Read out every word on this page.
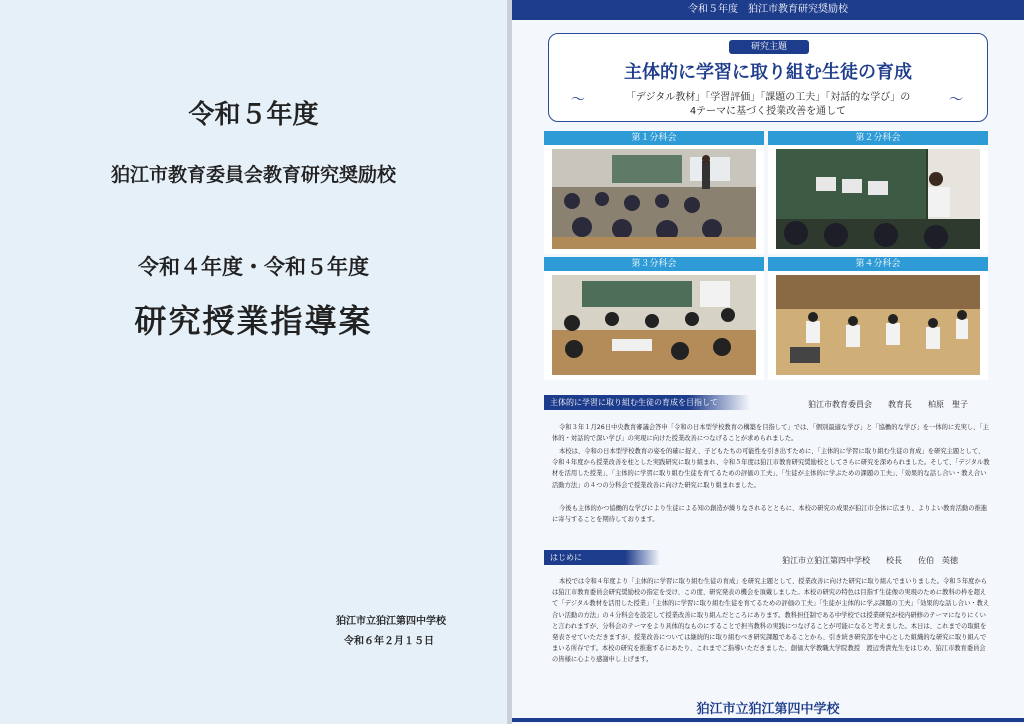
令和５年度
狛江市教育委員会教育研究奨励校
令和４年度・令和５年度
研究授業指導案
狛江市立狛江第四中学校
令和６年２月１５日
令和５年度　狛江市教育研究奨励校
研究主題
主体的に学習に取り組む生徒の育成
「デジタル教材」「学習評価」「課題の工夫」「対話的な学び」の
4テーマに基づく授業改善を通して
〜	〜
第１分科会	第２分科会
第３分科会	第４分科会
主体的に学習に取り組む生徒の育成を目指して	狛江市教育委員会　　教育長　　柏原　聖子
令和３年１月26日中央教育審議会答申「令和の日本型学校教育の構築を目指して」では、「個別最適な学び」と「協働的な学び」を一体的に充実し、「主体的・対話的で深い学び」の実現に向けた授業改善につなげることが求められました。
本校は、令和の日本型学校教育の姿を的確に捉え、子どもたちの可能性を引き出すために、「主体的に学習に取り組む生徒の育成」を研究主題として、令和４年度から授業改善を柱とした実践研究に取り組まれ、令和５年度は狛江市教育研究奨励校としてさらに研究を深められました。そして、「デジタル教材を活用した授業」、「主体的に学習に取り組む生徒を育てるための評価の工夫」、「生徒が主体的に学ぶための課題の工夫」、「効果的な話し合い・教え合い活動方法」の４つの分科会で授業改善に向けた研究に取り組まれました。
今後も主体的かつ協働的な学びにより生徒による知の創造が繰りなされるとともに、本校の研究の成果が狛江市全体に広まり、よりよい教育活動の推進に寄与することを期待しております。
はじめに	狛江市立狛江第四中学校　　校長　　佐伯　英徳
本校では令和４年度より「主体的に学習に取り組む生徒の育成」を研究主題として、授業改善に向けた研究に取り組んでまいりました。令和５年度からは狛江市教育委員会研究奨励校の指定を受け、この度、研究発表の機会を頂戴しました。本校の研究の特色は目指す生徒像の実現のために教科の枠を超えて「デジタル教材を活用した授業」「主体的に学習に取り組む生徒を育てるための評価の工夫」「生徒が主体的に学ぶ課題の工夫」「効果的な話し合い・教え合い活動の方法」の４分科会を設定して授業改善に取り組んだところにあります。教科担任制である中学校では授業研究が校内研修のテーマになりにくいと言われますが、分科会のテーマをより具体的なものにすることで担当教科の実践につなげることが可能になると考えました。本日は、これまでの取組を発表させていただきますが、授業改善については継続的に取り組むべき研究課題であることから、引き続き研究部を中心とした組織的な研究に取り組んでまいる所存です。本校の研究を推進するにあたり、これまでご指導いただきました、創価大学教職大学院教授　渡辺秀貴先生をはじめ、狛江市教育委員会の皆様に心より感謝申し上げます。
狛江市立狛江第四中学校
